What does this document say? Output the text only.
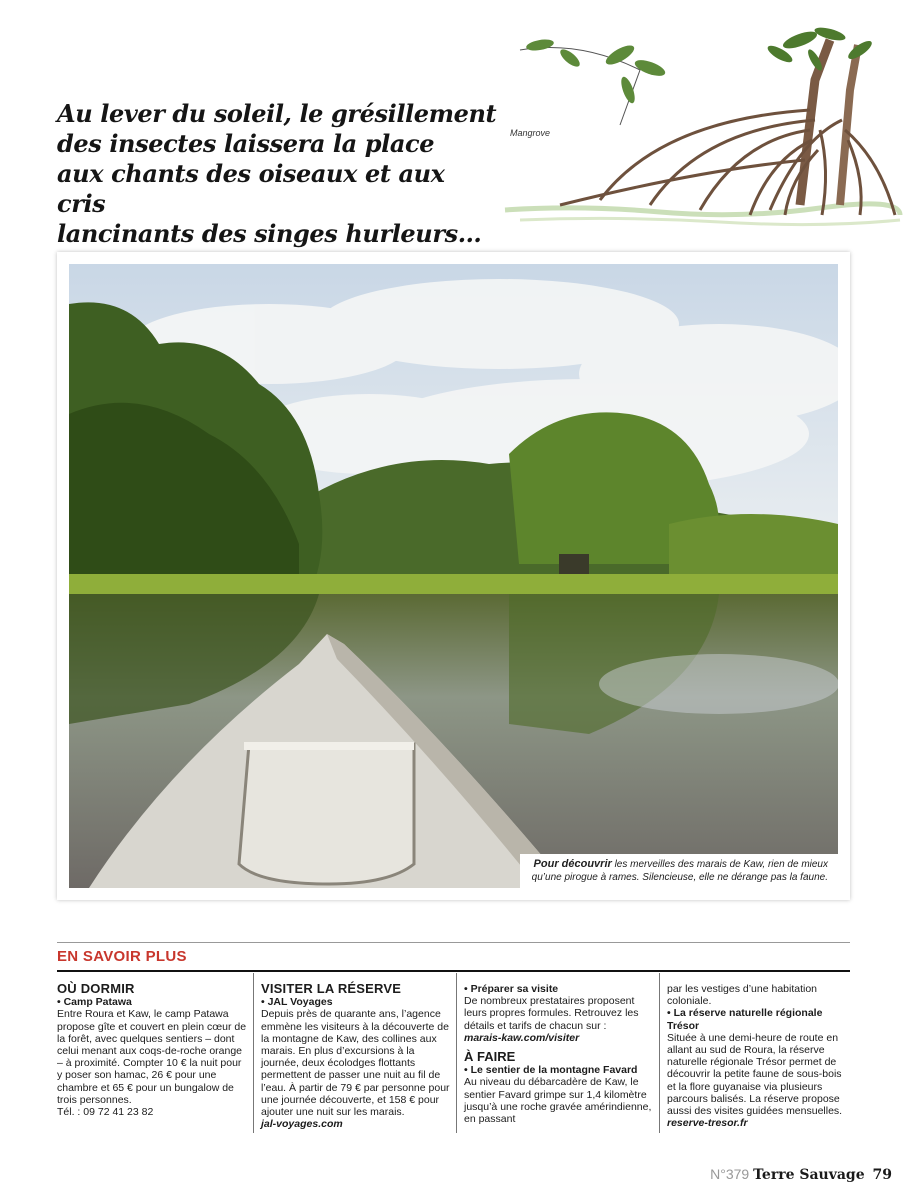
Au lever du soleil, le grésillement
des insectes laissera la place
aux chants des oiseaux et aux cris
lancinants des singes hurleurs…
Mangrove
Pour découvrir les merveilles des marais de Kaw, rien de mieux
qu’une pirogue à rames. Silencieuse, elle ne dérange pas la faune.
EN SAVOIR PLUS
OÙ DORMIR

• Camp Patawa

Entre Roura et Kaw, le camp Patawa propose gîte et couvert en plein cœur de la forêt, avec quelques sentiers – dont celui menant aux coqs-de-roche orange – à proximité. Compter 10 € la nuit pour y poser son hamac, 26 € pour une chambre et 65 € pour un bungalow de trois personnes.

Tél. : 09 72 41 23 82

VISITER LA RÉSERVE

• JAL Voyages

Depuis près de quarante ans, l’agence emmène les visiteurs à la découverte de la montagne de Kaw, des collines aux marais. En plus d’excursions à la journée, deux écolodges flottants permettent de passer une nuit au fil de l’eau. À partir de 79 € par personne pour une journée découverte, et 158 € pour ajouter une nuit sur les marais.

jal-voyages.com

• Préparer sa visite

De nombreux prestataires proposent leurs propres formules. Retrouvez les détails et tarifs de chacun sur :

marais-kaw.com/visiter

À FAIRE

• Le sentier de la montagne Favard

Au niveau du débarcadère de Kaw, le sentier Favard grimpe sur 1,4 kilomètre jusqu’à une roche gravée amérindienne, en passant

par les vestiges d’une habitation coloniale.

• La réserve naturelle régionale Trésor

Située à une demi-heure de route en allant au sud de Roura, la réserve naturelle régionale Trésor permet de découvrir la petite faune de sous-bois et la flore guyanaise via plusieurs parcours balisés. La réserve propose aussi des visites guidées mensuelles.

reserve-tresor.fr

N°379 Terre Sauvage 79
